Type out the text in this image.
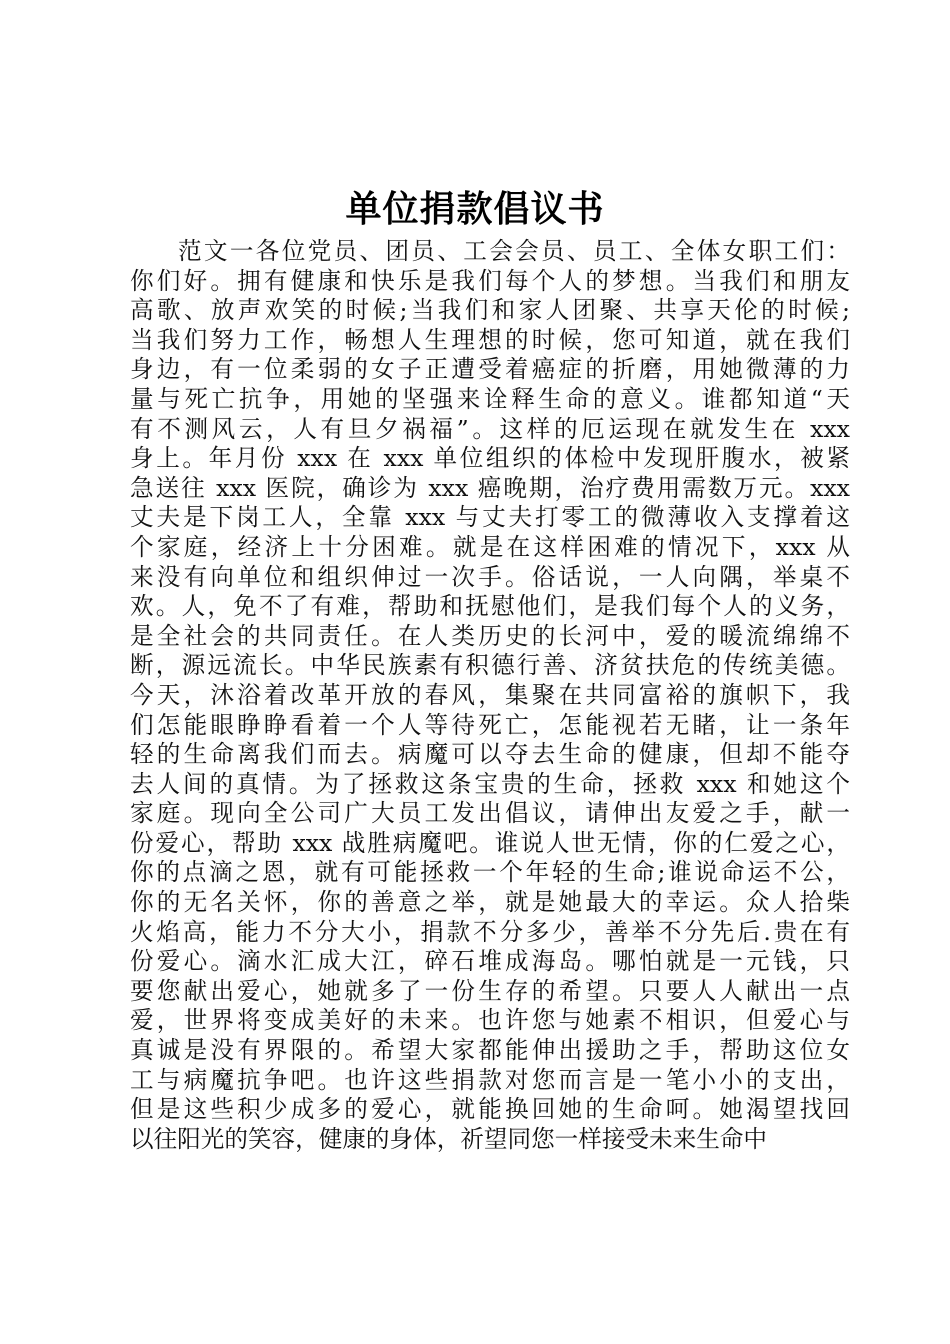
单位捐款倡议书
范文一各位党员、团员、工会会员、员工、全体女职工们：
你们好。拥有健康和快乐是我们每个人的梦想。当我们和朋友
高歌、放声欢笑的时候;当我们和家人团聚、共享天伦的时候;
当我们努力工作，畅想人生理想的时候，您可知道，就在我们
身边，有一位柔弱的女子正遭受着癌症的折磨，用她微薄的力
量与死亡抗争，用她的坚强来诠释生命的意义。谁都知道“天
有不测风云，人有旦夕祸福”。这样的厄运现在就发生在 xxx
身上。年月份 xxx 在 xxx 单位组织的体检中发现肝腹水，被紧
急送往 xxx 医院，确诊为 xxx 癌晚期，治疗费用需数万元。xxx
丈夫是下岗工人，全靠 xxx 与丈夫打零工的微薄收入支撑着这
个家庭，经济上十分困难。就是在这样困难的情况下，xxx 从
来没有向单位和组织伸过一次手。俗话说，一人向隅，举桌不
欢。人，免不了有难，帮助和抚慰他们，是我们每个人的义务，
是全社会的共同责任。在人类历史的长河中，爱的暖流绵绵不
断，源远流长。中华民族素有积德行善、济贫扶危的传统美德。
今天，沐浴着改革开放的春风，集聚在共同富裕的旗帜下，我
们怎能眼睁睁看着一个人等待死亡，怎能视若无睹，让一条年
轻的生命离我们而去。病魔可以夺去生命的健康，但却不能夺
去人间的真情。为了拯救这条宝贵的生命，拯救 xxx 和她这个
家庭。现向全公司广大员工发出倡议，请伸出友爱之手，献一
份爱心，帮助 xxx 战胜病魔吧。谁说人世无情，你的仁爱之心，
你的点滴之恩，就有可能拯救一个年轻的生命;谁说命运不公，
你的无名关怀，你的善意之举，就是她最大的幸运。众人拾柴
火焰高，能力不分大小，捐款不分多少，善举不分先后.贵在有
份爱心。滴水汇成大江，碎石堆成海岛。哪怕就是一元钱，只
要您献出爱心，她就多了一份生存的希望。只要人人献出一点
爱，世界将变成美好的未来。也许您与她素不相识，但爱心与
真诚是没有界限的。希望大家都能伸出援助之手，帮助这位女
工与病魔抗争吧。也许这些捐款对您而言是一笔小小的支出，
但是这些积少成多的爱心，就能换回她的生命呵。她渴望找回
以往阳光的笑容，健康的身体，祈望同您一样接受未来生命中
